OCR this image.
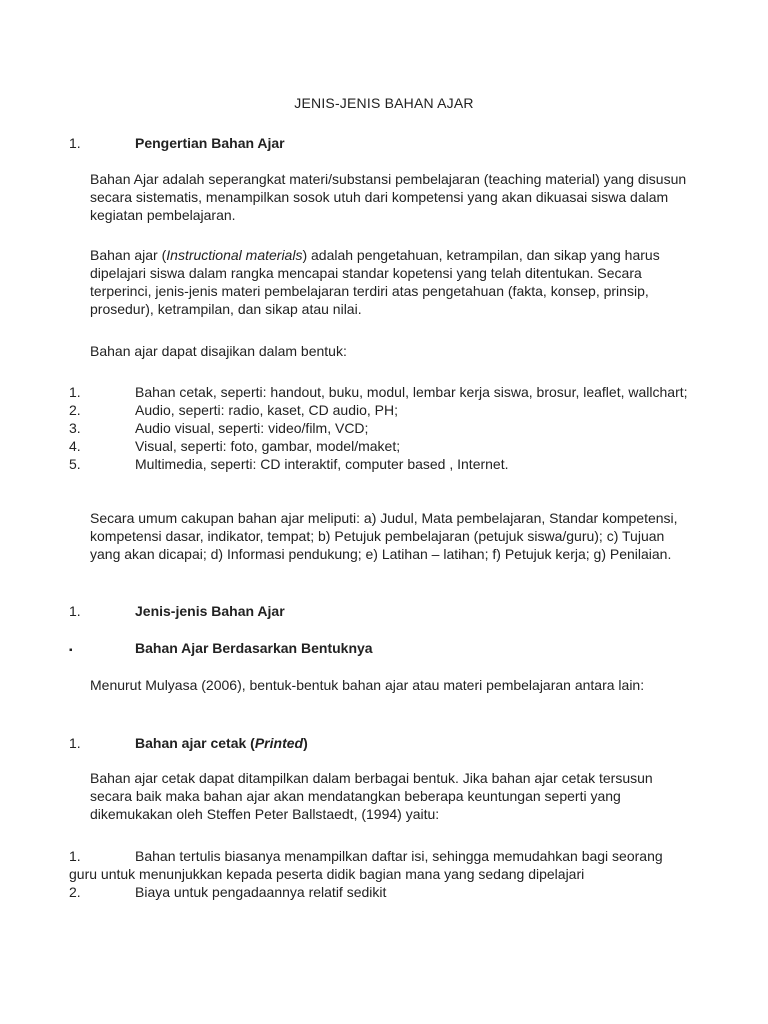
JENIS-JENIS BAHAN AJAR
1.	Pengertian Bahan Ajar

Bahan Ajar adalah seperangkat materi/substansi pembelajaran (teaching material) yang disusun secara sistematis, menampilkan sosok utuh dari kompetensi yang akan dikuasai siswa dalam kegiatan pembelajaran.

Bahan ajar (Instructional materials) adalah pengetahuan, ketrampilan, dan sikap yang harus dipelajari siswa dalam rangka mencapai standar kopetensi yang telah ditentukan. Secara terperinci, jenis-jenis materi pembelajaran terdiri atas pengetahuan (fakta, konsep, prinsip, prosedur), ketrampilan, dan sikap atau nilai.

Bahan ajar dapat disajikan dalam bentuk:

1.	Bahan cetak, seperti: handout, buku, modul, lembar kerja siswa, brosur, leaflet, wallchart;
2.	Audio, seperti: radio, kaset, CD audio, PH;
3.	Audio visual, seperti: video/film, VCD;
4.	Visual, seperti: foto, gambar, model/maket;
5.	Multimedia, seperti: CD interaktif, computer based , Internet.

Secara umum cakupan bahan ajar meliputi: a) Judul, Mata pembelajaran, Standar kompetensi, kompetensi dasar, indikator, tempat; b) Petujuk pembelajaran (petujuk siswa/guru); c) Tujuan yang akan dicapai; d) Informasi pendukung; e) Latihan – latihan; f) Petujuk kerja; g) Penilaian.

1.	Jenis-jenis Bahan Ajar
▪	Bahan Ajar Berdasarkan Bentuknya

Menurut Mulyasa (2006), bentuk-bentuk bahan ajar atau materi pembelajaran antara lain:

1.	Bahan ajar cetak (Printed)

Bahan ajar cetak dapat ditampilkan dalam berbagai bentuk. Jika bahan ajar cetak tersusun secara baik maka bahan ajar akan mendatangkan beberapa keuntungan seperti yang dikemukakan oleh Steffen Peter Ballstaedt, (1994) yaitu:

1.	Bahan tertulis biasanya menampilkan daftar isi, sehingga memudahkan bagi seorang guru untuk menunjukkan kepada peserta didik bagian mana yang sedang dipelajari
2.	Biaya untuk pengadaannya relatif sedikit
